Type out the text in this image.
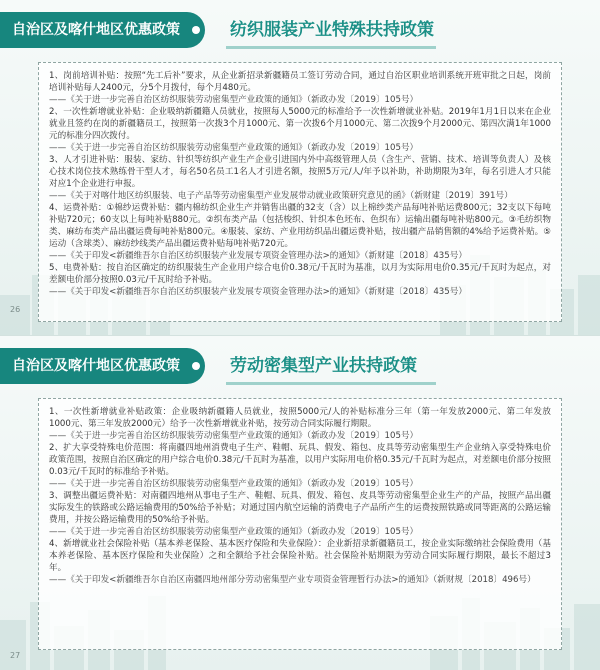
自治区及喀什地区优惠政策	纺织服装产业特殊扶持政策

1、岗前培训补贴：按照“先工后补”要求，从企业新招录新疆籍员工签订劳动合同，通过自治区职业培训系统开班审批之日起，岗前培训补贴每人2400元，分5个月拨付，每个月480元。

——《关于进一步完善自治区纺织服装劳动密集型产业政策的通知》（新政办发〔2019〕105号）

2、一次性新增就业补贴：企业吸纳新疆籍人员就业，按照每人5000元的标准给予一次性新增就业补贴。2019年1月1日以来在企业就业且签约在岗的新疆籍员工，按照第一次拨3个月1000元、第一次拨6个月1000元、第二次拨9个月2000元、第四次满1年1000元的标准分四次拨付。

——《关于进一步完善自治区纺织服装劳动密集型产业政策的通知》（新政办发〔2019〕105号）

3、人才引进补贴：服装、家纺、针织等纺织产业生产企业引进国内外中高级管理人员（含生产、营销、技术、培训等负责人）及核心技术岗位技术熟练骨干型人才，每名50名员工1名人才引进名额，按照5万元/人/年予以补助，补助期限为3年，每名引进人才只能对应1个企业进行申报。

——《关于对喀什地区纺织服装、电子产品等劳动密集型产业发展带动就业政策研究意见的函》（新财建〔2019〕391号）

4、运费补贴：①棉纱运费补贴：疆内棉纺织企业生产并销售出疆的32支（含）以上棉纱类产品每吨补贴运费800元；32支以下每吨补贴720元；60支以上每吨补贴880元。②织布类产品（包括梭织、针织本色坯布、色织布）运输出疆每吨补贴800元。③毛纺织物类、麻纺布类产品出疆运费每吨补贴800元。④服装、家纺、产业用纺织品出疆运费补贴，按出疆产品销售额的4%给予运费补贴。⑤运动（含球类）、麻纺纱线类产品出疆运费补贴每吨补贴720元。

——《关于印发<新疆维吾尔自治区纺织服装产业发展专项资金管理办法>的通知》（新财建〔2018〕435号）

5、电费补贴：按自治区确定的纺织服装生产企业用户综合电价0.38元/千瓦时为基准，以月为实际用电价0.35元/千瓦时为起点，对差额电价部分按照0.03元/千瓦时给予补贴。

——《关于印发<新疆维吾尔自治区纺织服装产业发展专项资金管理办法>的通知》（新财建〔2018〕435号）

26
自治区及喀什地区优惠政策	劳动密集型产业扶持政策

1、一次性新增就业补贴政策：企业吸纳新疆籍人员就业，按照5000元/人的补贴标准分三年（第一年发放2000元、第二年发放1000元、第三年发放2000元）给予一次性新增就业补贴，按劳动合同实际履行期限。

——《关于进一步完善自治区纺织服装劳动密集型产业政策的通知》（新政办发〔2019〕105号）

2、扩大享受特殊电价范围：将南疆四地州消费电子生产、鞋帽、玩具、假发、箱包、皮具等劳动密集型生产企业纳入享受特殊电价政策范围，按照自治区确定的用户综合电价0.38元/千瓦时为基准，以用户实际用电价格0.35元/千瓦时为起点，对差额电价部分按照0.03元/千瓦时的标准给予补贴。

——《关于进一步完善自治区纺织服装劳动密集型产业政策的通知》（新政办发〔2019〕105号）

3、调整出疆运费补贴：对南疆四地州从事电子生产、鞋帽、玩具、假发、箱包、皮具等劳动密集型企业生产的产品，按照产品出疆实际发生的铁路或公路运输费用的50%给予补贴；对通过国内航空运输的消费电子产品所产生的运费按照铁路或同等距离的公路运输费用，并按公路运输费用的50%给予补贴。

——《关于进一步完善自治区纺织服装劳动密集型产业政策的通知》（新政办发〔2019〕105号）

4、新增就业社会保险补贴（基本养老保险、基本医疗保险和失业保险）：企业新招录新疆籍员工，按企业实际缴纳社会保险费用（基本养老保险、基本医疗保险和失业保险）之和全额给予社会保险补贴。社会保险补贴期限为劳动合同实际履行期限，最长不超过3年。

——《关于印发<新疆维吾尔自治区南疆四地州部分劳动密集型产业专项资金管理暂行办法>的通知》（新财规〔2018〕496号）

27
